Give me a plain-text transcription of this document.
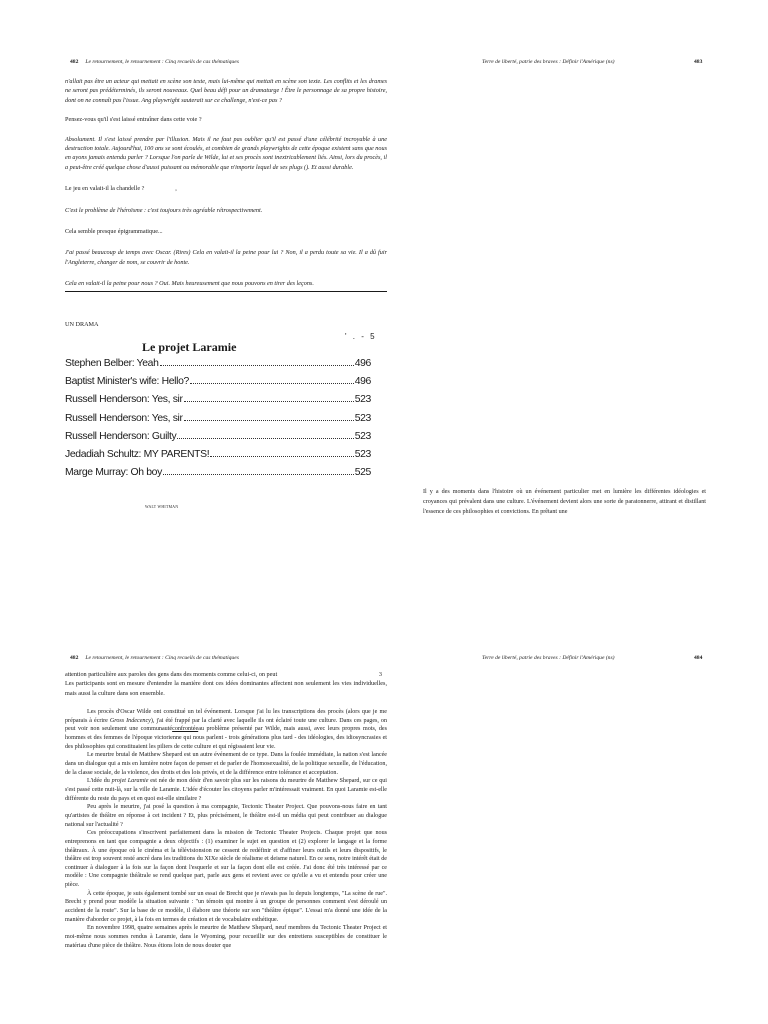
482 Le retournement, le retournement : Cinq recueils de cas thématiques	Terre de liberté, patrie des braves : Définir l'Amérique (ns)	483

n'allait pas être un acteur qui mettait en scène son texte, mais lui-même qui mettait en scène son texte. Les conflits et les drames ne seront pas prédéterminés, ils seront nouveaux. Quel beau défi pour un dramaturge ! Être le personnage de sa propre histoire, dont on ne connaît pas l'issue. Ang playwright sauterait sur ce challenge, n'est-ce pas ?

Pensez-vous qu'il s'est laissé entraîner dans cette voie ?

Absolument. Il s'est laissé prendre par l'illusion. Mais il ne faut pas oublier qu'il est passé d'une célébrité incroyable à une destruction totale. Aujourd'hui, 100 ans se sont écoulés, et combien de grands playwrights de cette époque existent sans que nous en ayons jamais entendu parler ? Lorsque l'on parle de Wilde, lui et ses procès sont inextricablement liés. Ainsi, lors du procès, il a peut-être créé quelque chose d'aussi puissant ou mémorable que n'importe lequel de ses plugs (). Et aussi durable.

Le jeu en valait-il la chandelle ?                    ,

C'est le problème de l'héroïsme : c'est toujours très agréable rétrospectivement.

Cela semble presque épigrammatique...

J'ai passé beaucoup de temps avec Oscar. (Rires) Cela en valait-il la peine pour lui ? Non, il a perdu toute sa vie. Il a dû fuir l'Angleterre, changer de nom, se couvrir de honte.

Cela en valait-il la peine pour nous ? Oui. Mais heureusement que nous pouvons en tirer des leçons.

UN DRAMA
' . - 5
Le projet Laramie
Stephen Belber: Yeah	496
Baptist Minister's wife: Hello?	496
Russell Henderson: Yes, sir	523
Russell Henderson: Yes, sir	523
Russell Henderson: Guilty	523
Jedadiah Schultz: MY PARENTS!	523
Marge Murray: Oh boy	525
WALT WHITMAN
Il y a des moments dans l'histoire où un événement particulier met en lumière les différentes idéologies et croyances qui prévalent dans une culture. L'événement devient alors une sorte de paratonnerre, attirant et distillant l'essence de ces philosophies et convictions. En prêtant une
482 Le retournement, le retournement : Cinq recueils de cas thématiques	Terre de liberté, patrie des braves : Définir l'Amérique (ns)	484
attention particulière aux paroles des gens dans des moments comme celui-ci, on peut	3
Les participants sont en mesure d'entendre la manière dont ces idées dominantes affectent non seulement les vies individuelles, mais aussi la culture dans son ensemble.

Les procès d'Oscar Wilde ont constitué un tel événement. Lorsque j'ai lu les transcriptions des procès (alors que je me préparais à écrire Gross Indecency), j'ai été frappé par la clarté avec laquelle ils ont éclairé toute une culture. Dans ces pages, on peut voir non seulement une communautéconfrontéeau problème présenté par Wilde, mais aussi, avec leurs propres mots, des hommes et des femmes de l'époque victorienne qui nous parlent - trois générations plus tard - des idéologies, des idiosyncrasies et des philosophies qui constituaient les piliers de cette culture et qui régissaient leur vie.

Le meurtre brutal de Matthew Shepard est un autre événement de ce type. Dans la foulée immédiate, la nation s'est lancée dans un dialogue qui a mis en lumière notre façon de penser et de parler de l'homosexualité, de la politique sexuelle, de l'éducation, de la classe sociale, de la violence, des droits et des lois privés, et de la différence entre tolérance et acceptation.

L'idée du projet Laramie est née de mon désir d'en savoir plus sur les raisons du meurtre de Matthew Shepard, sur ce qui s'est passé cette nuit-là, sur la ville de Laramie. L'idée d'écouter les citoyens parler m'intéressait vraiment. En quoi Laramie est-elle différente du reste du pays et en quoi est-elle similaire ?

Peu après le meurtre, j'ai posé la question à ma compagnie, Tectonic Theater Project. Que pouvons-nous faire en tant qu'artistes de théâtre en réponse à cet incident ? Et, plus précisément, le théâtre est-il un média qui peut contribuer au dialogue national sur l'actualité ?

Ces préoccupations s'inscrivent parfaitement dans la mission de Tectonic Theater Projects. Chaque projet que nous entreprenons en tant que compagnie a deux objectifs : (1) examiner le sujet en question et (2) explorer le langage et la forme théâtraux. À une époque où le cinéma et la télévisionsion ne cessent de redéfinir et d'affiner leurs outils et leurs dispositifs, le théâtre est trop souvent resté ancré dans les traditions du XIXe siècle de réalisme et deisme naturel. En ce sens, notre intérêt était de continuer à dialoguer à la fois sur la façon dont l'esquerle et sur la façon dont elle est créée. J'ai donc été très intéressé par ce modèle : Une compagnie théâtrale se rend quelque part, parle aux gens et revient avec ce qu'elle a vu et entendu pour créer une pièce.

À cette époque, je suis également tombé sur un essai de Brecht que je n'avais pas lu depuis longtemps, "La scène de rue". Brecht y prend pour modèle la situation suivante : "un témoin qui montre à un groupe de personnes comment s'est déroulé un accident de la route". Sur la base de ce modèle, il élabore une théorie sur son "théâtre épique". L'essai m'a donné une idée de la manière d'aborder ce projet, à la fois en termes de création et de vocabulaire esthétique.

En novembre 1998, quatre semaines après le meurtre de Matthew Shepard, neuf membres du Tectonic Theater Project et moi-même nous sommes rendus à Laramie, dans le Wyoming, pour recueillir sur des entretiens susceptibles de constituer le matériau d'une pièce de théâtre. Nous étions loin de nous douter que
